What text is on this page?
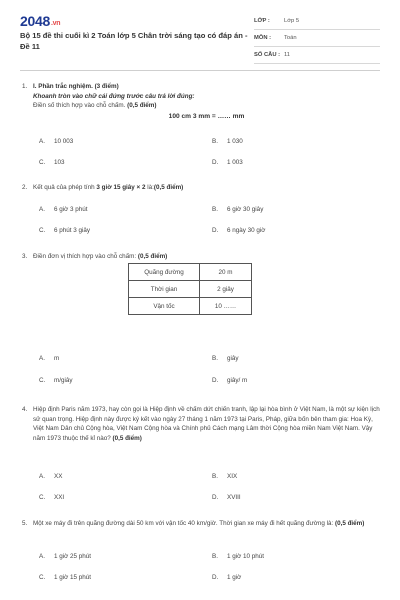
2048.vn
Bộ 15 đề thi cuối kì 2 Toán lớp 5 Chân trời sáng tạo có đáp án - Đề 11
LỚP :	Lớp 5
MÔN :	Toán
SỐ CÂU : 11
1. I. Phần trắc nghiệm. (3 điểm)
Khoanh tròn vào chữ cái đứng trước câu trả lời đúng:
Điền số thích hợp vào chỗ chấm. (0,5 điểm)
100 cm 3 mm = …… mm
A.	10 003	B.	1 030
C.	103	D.	1 003
2. Kết quả của phép tính 3 giờ 15 giây × 2 là:(0,5 điểm)
A.	6 giờ 3 phút	B.	6 giờ 30 giây
C.	6 phút 3 giây	D.	6 ngày 30 giờ
3. Điền đơn vị thích hợp vào chỗ chấm: (0,5 điểm)
Quãng đường	20 m
Thời gian	2 giây
Vận tốc	10 ……
A.	m	B.	giây
C.	m/giây	D.	giây/ m
4. Hiệp định Paris năm 1973, hay còn gọi là Hiệp định về chấm dứt chiến tranh, lập lại hòa bình ở Việt Nam, là một sự kiện lịch sử quan trọng. Hiệp định này được ký kết vào ngày 27 tháng 1 năm 1973 tại Paris, Pháp, giữa bốn bên tham gia: Hoa Kỳ, Việt Nam Dân chủ Cộng hòa, Việt Nam Cộng hòa và Chính phủ Cách mạng Lâm thời Cộng hòa miền Nam Việt Nam. Vậy năm 1973 thuộc thế kỉ nào? (0,5 điểm)
A.	XX	B.	XIX
C.	XXI	D.	XVIII
5. Một xe máy đi trên quãng đường dài 50 km với vận tốc 40 km/giờ. Thời gian xe máy đi hết quãng đường là: (0,5 điểm)
A.	1 giờ 25 phút	B.	1 giờ 10 phút
C.	1 giờ 15 phút	D.	1 giờ
